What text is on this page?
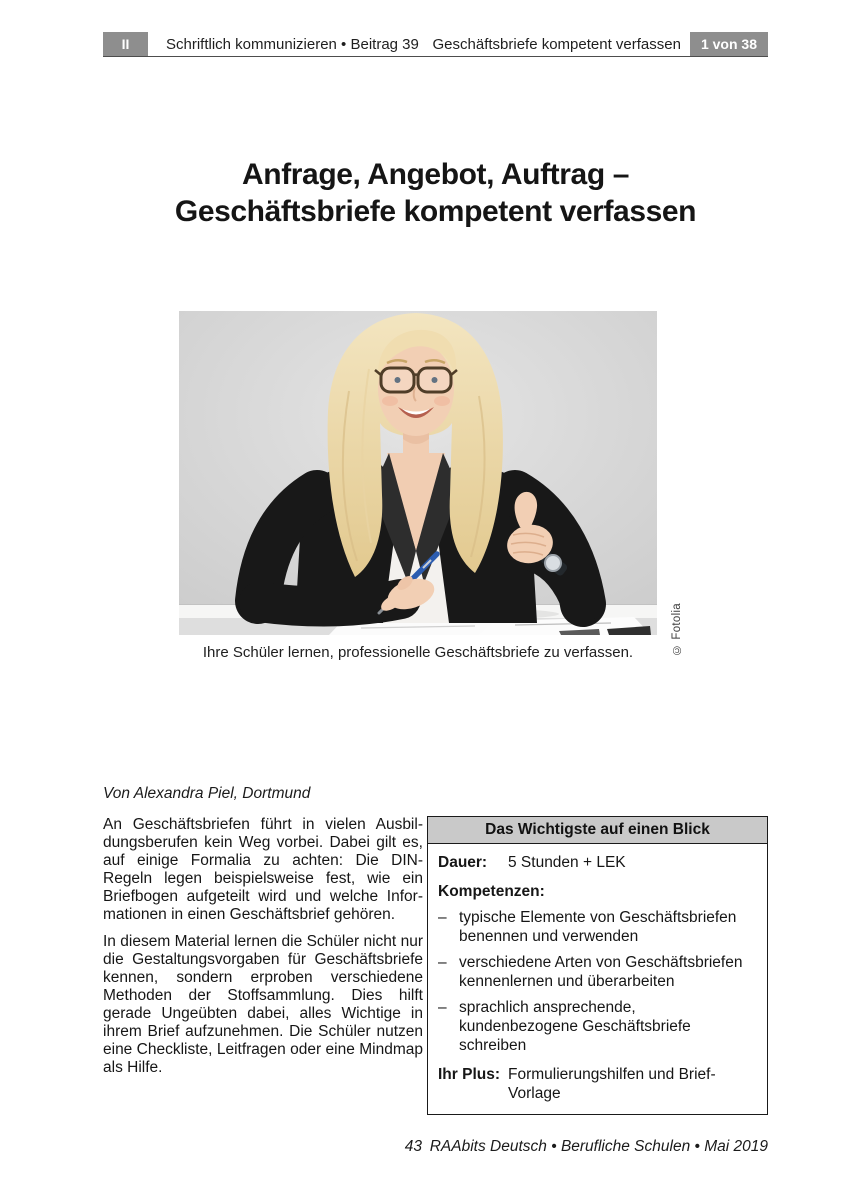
II	Schriftlich kommunizieren • Beitrag 39 Geschäftsbriefe kompetent verfassen	1 von 38
Anfrage, Angebot, Auftrag –
Geschäftsbriefe kompetent verfassen
© Fotolia
Ihre Schüler lernen, professionelle Geschäftsbriefe zu verfassen.

Von Alexandra Piel, Dortmund

An Geschäftsbriefen führt in vielen Ausbildungsberufen kein Weg vorbei. Dabei gilt es, auf einige Formalia zu achten: Die DIN-Regeln legen beispielsweise fest, wie ein Briefbogen aufgeteilt wird und welche Informationen in einen Geschäftsbrief gehören.

In diesem Material lernen die Schüler nicht nur die Gestaltungsvorgaben für Geschäftsbriefe kennen, sondern erproben verschiedene Methoden der Stoffsammlung. Dies hilft gerade Ungeübten dabei, alles Wichtige in ihrem Brief aufzunehmen. Die Schüler nutzen eine Checkliste, Leitfragen oder eine Mindmap als Hilfe.

Das Wichtigste auf einen Blick
Dauer:	5 Stunden + LEK
Kompetenzen:
– typische Elemente von Geschäftsbriefen benennen und verwenden
– verschiedene Arten von Geschäftsbriefen kennenlernen und überarbeiten
– sprachlich ansprechende, kundenbezogene Geschäftsbriefe schreiben
Ihr Plus: Formulierungshilfen und Brief-Vorlage
43 RAAbits Deutsch • Berufliche Schulen • Mai 2019
